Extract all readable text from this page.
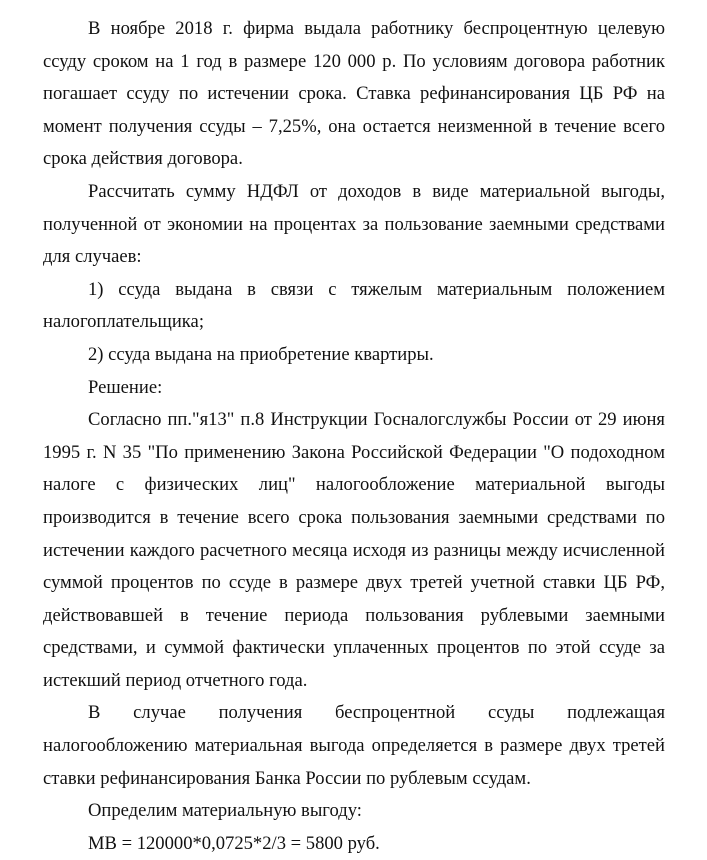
В ноябре 2018 г. фирма выдала работнику беспроцентную целевую ссуду сроком на 1 год в размере 120 000 р. По условиям договора работник погашает ссуду по истечении срока. Ставка рефинансирования ЦБ РФ на момент получения ссуды – 7,25%, она остается неизменной в течение всего срока действия договора.

Рассчитать сумму НДФЛ от доходов в виде материальной выгоды, полученной от экономии на процентах за пользование заемными средствами для случаев:

1) ссуда выдана в связи с тяжелым материальным положением налогоплательщика;

2) ссуда выдана на приобретение квартиры.

Решение:

Согласно пп."я13" п.8 Инструкции Госналогслужбы России от 29 июня 1995 г. N 35 "По применению Закона Российской Федерации "О подоходном налоге с физических лиц" налогообложение материальной выгоды производится в течение всего срока пользования заемными средствами по истечении каждого расчетного месяца исходя из разницы между исчисленной суммой процентов по ссуде в размере двух третей учетной ставки ЦБ РФ, действовавшей в течение периода пользования рублевыми заемными средствами, и суммой фактически уплаченных процентов по этой ссуде за истекший период отчетного года.

В случае получения беспроцентной ссуды подлежащая налогообложению материальная выгода определяется в размере двух третей ставки рефинансирования Банка России по рублевым ссудам.

Определим материальную выгоду:

МВ = 120000*0,0725*2/3 = 5800 руб.
